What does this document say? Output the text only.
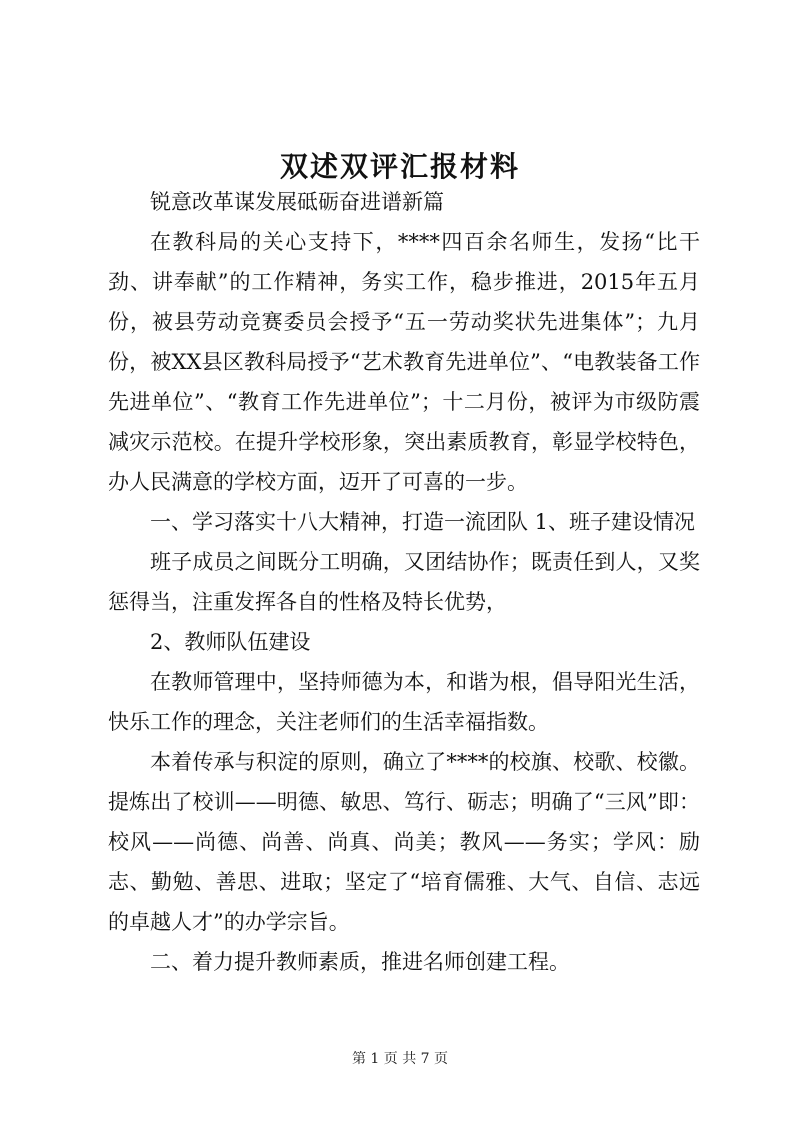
双述双评汇报材料

锐意改革谋发展砥砺奋进谱新篇

在教科局的关心支持下，****四百余名师生，发扬“比干劲、讲奉献”的工作精神，务实工作，稳步推进，2015年五月份，被县劳动竞赛委员会授予“五一劳动奖状先进集体”；九月份，被XX县区教科局授予“艺术教育先进单位”、“电教装备工作先进单位”、“教育工作先进单位”；十二月份，被评为市级防震减灾示范校。在提升学校形象，突出素质教育，彰显学校特色，办人民满意的学校方面，迈开了可喜的一步。

一、学习落实十八大精神，打造一流团队 1、班子建设情况

班子成员之间既分工明确，又团结协作；既责任到人，又奖惩得当，注重发挥各自的性格及特长优势，

2、教师队伍建设

在教师管理中，坚持师德为本，和谐为根，倡导阳光生活，快乐工作的理念，关注老师们的生活幸福指数。

本着传承与积淀的原则，确立了****的校旗、校歌、校徽。提炼出了校训——明德、敏思、笃行、砺志；明确了“三风”即：校风——尚德、尚善、尚真、尚美；教风——务实；学风：励志、勤勉、善思、进取；坚定了“培育儒雅、大气、自信、志远的卓越人才”的办学宗旨。

二、着力提升教师素质，推进名师创建工程。

第 1 页 共 7 页
